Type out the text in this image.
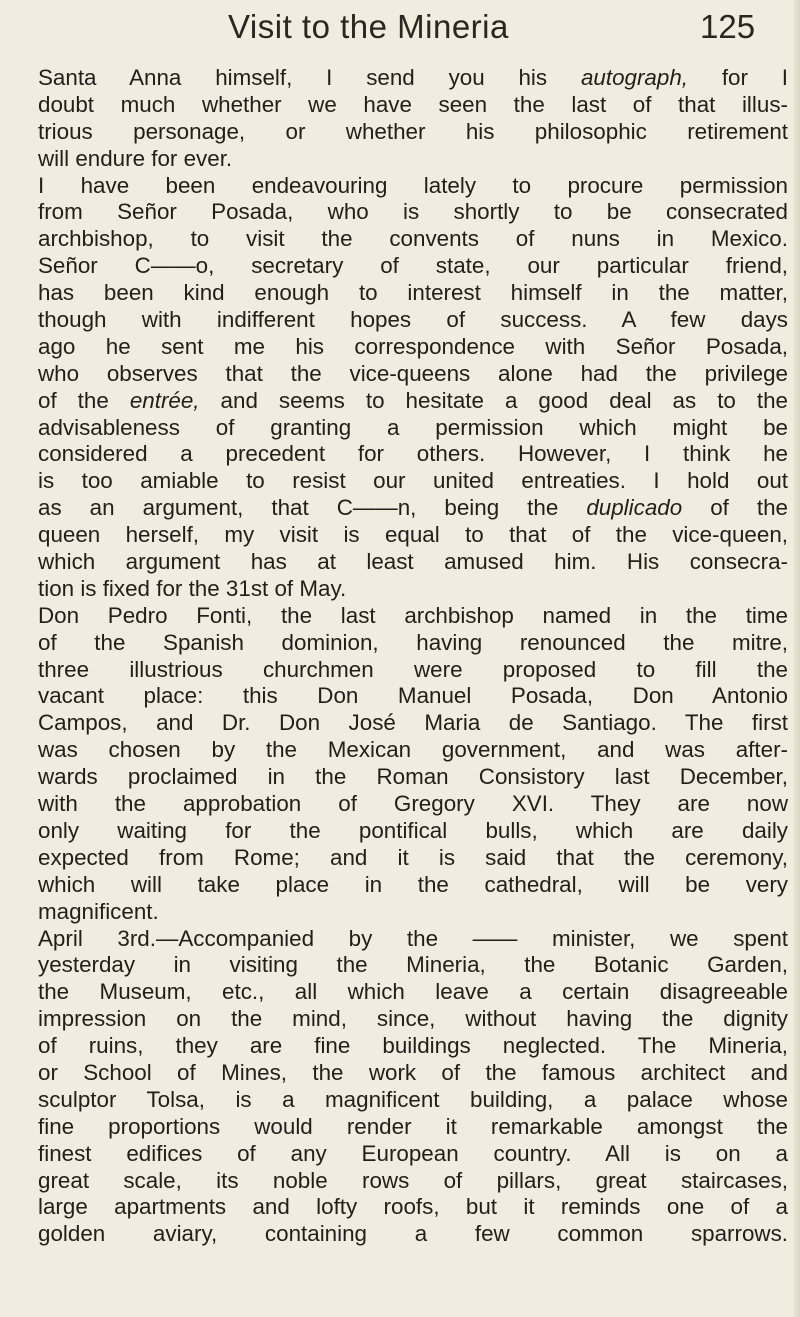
Visit to the Mineria	125
Santa Anna himself, I send you his autograph, for I
doubt much whether we have seen the last of that illus-
trious personage, or whether his philosophic retirement
will endure for ever.
I have been endeavouring lately to procure permission
from Señor Posada, who is shortly to be consecrated
archbishop, to visit the convents of nuns in Mexico.
Señor C——o, secretary of state, our particular friend,
has been kind enough to interest himself in the matter,
though with indifferent hopes of success. A few days
ago he sent me his correspondence with Señor Posada,
who observes that the vice-queens alone had the privilege
of the entrée, and seems to hesitate a good deal as to the
advisableness of granting a permission which might be
considered a precedent for others. However, I think he
is too amiable to resist our united entreaties. I hold out
as an argument, that C——n, being the duplicado of the
queen herself, my visit is equal to that of the vice-queen,
which argument has at least amused him. His consecra-
tion is fixed for the 31st of May.
Don Pedro Fonti, the last archbishop named in the time
of the Spanish dominion, having renounced the mitre,
three illustrious churchmen were proposed to fill the
vacant place: this Don Manuel Posada, Don Antonio
Campos, and Dr. Don José Maria de Santiago. The first
was chosen by the Mexican government, and was after-
wards proclaimed in the Roman Consistory last December,
with the approbation of Gregory XVI. They are now
only waiting for the pontifical bulls, which are daily
expected from Rome; and it is said that the ceremony,
which will take place in the cathedral, will be very
magnificent.
April 3rd.—Accompanied by the —— minister, we spent
yesterday in visiting the Mineria, the Botanic Garden,
the Museum, etc., all which leave a certain disagreeable
impression on the mind, since, without having the dignity
of ruins, they are fine buildings neglected. The Mineria,
or School of Mines, the work of the famous architect and
sculptor Tolsa, is a magnificent building, a palace whose
fine proportions would render it remarkable amongst the
finest edifices of any European country. All is on a
great scale, its noble rows of pillars, great staircases,
large apartments and lofty roofs, but it reminds one of a
golden aviary, containing a few common sparrows.
